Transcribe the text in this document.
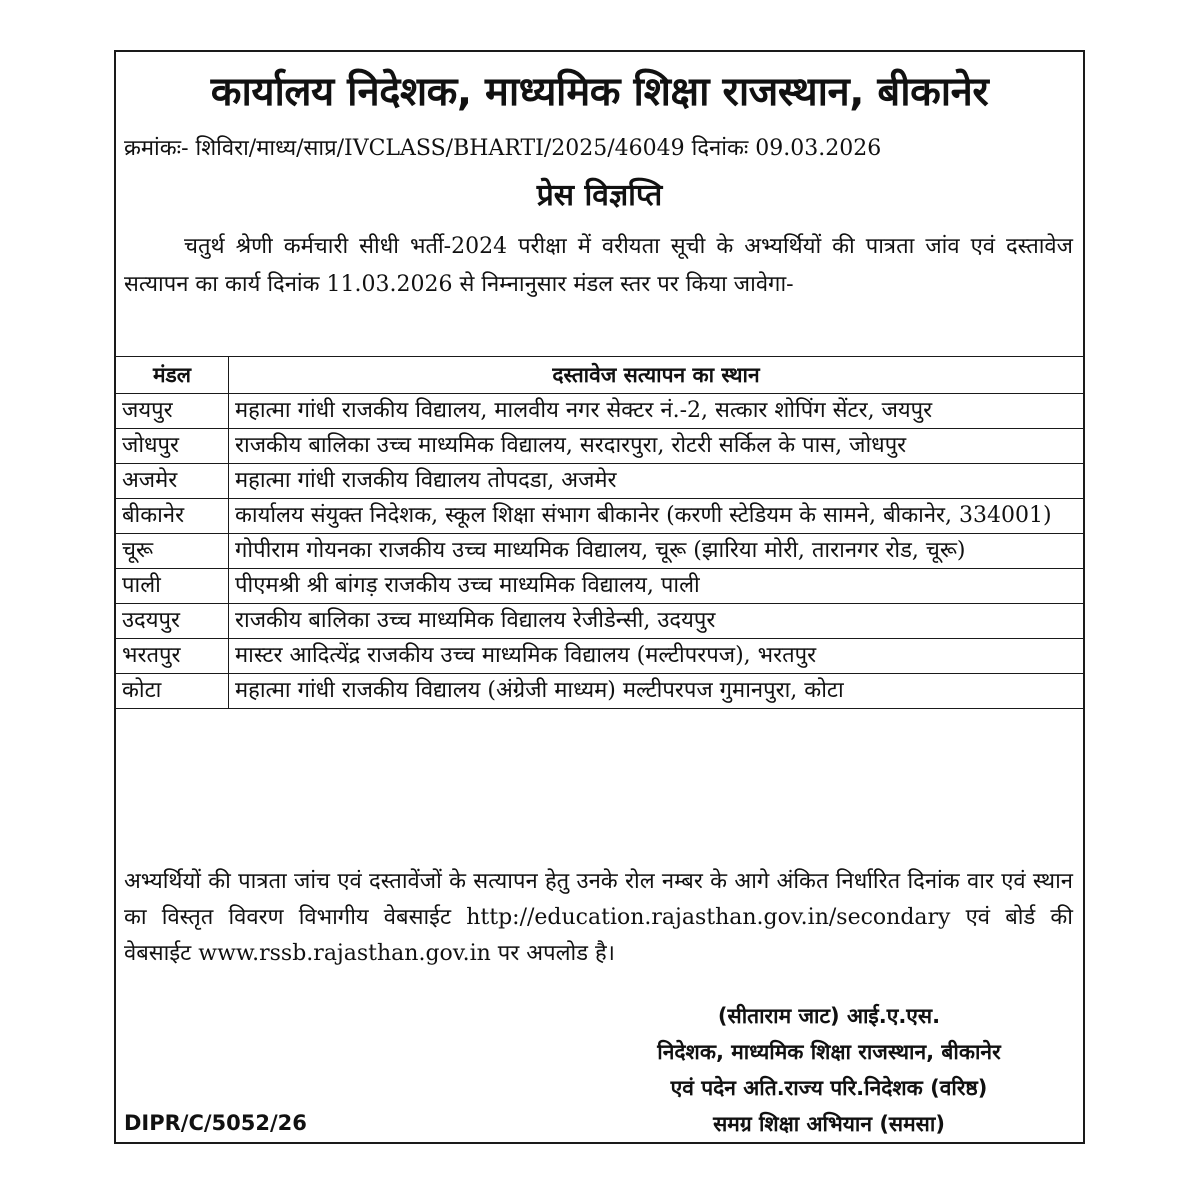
कार्यालय निदेशक, माध्यमिक शिक्षा राजस्थान, बीकानेर
क्रमांकः- शिविरा/माध्य/साप्र/IVCLASS/BHARTI/2025/46049 दिनांकः 09.03.2026
प्रेस विज्ञप्ति

चतुर्थ श्रेणी कर्मचारी सीधी भर्ती-2024 परीक्षा में वरीयता सूची के अभ्यर्थियों की पात्रता जांव एवं दस्तावेज सत्यापन का कार्य दिनांक 11.03.2026 से निम्नानुसार मंडल स्तर पर किया जावेगा-

मंडल	दस्तावेज सत्यापन का स्थान
जयपुर	महात्मा गांधी राजकीय विद्यालय, मालवीय नगर सेक्टर नं.-2, सत्कार शोपिंग सेंटर, जयपुर
जोधपुर	राजकीय बालिका उच्च माध्यमिक विद्यालय, सरदारपुरा, रोटरी सर्किल के पास, जोधपुर
अजमेर	महात्मा गांधी राजकीय विद्यालय तोपदडा, अजमेर
बीकानेर	कार्यालय संयुक्त निदेशक, स्कूल शिक्षा संभाग बीकानेर (करणी स्टेडियम के सामने, बीकानेर, 334001)
चूरू	गोपीराम गोयनका राजकीय उच्च माध्यमिक विद्यालय, चूरू (झारिया मोरी, तारानगर रोड, चूरू)
पाली	पीएमश्री श्री बांगड़ राजकीय उच्च माध्यमिक विद्यालय, पाली
उदयपुर	राजकीय बालिका उच्च माध्यमिक विद्यालय रेजीडेन्सी, उदयपुर
भरतपुर	मास्टर आदित्येंद्र राजकीय उच्च माध्यमिक विद्यालय (मल्टीपरपज), भरतपुर
कोटा	महात्मा गांधी राजकीय विद्यालय (अंग्रेजी माध्यम) मल्टीपरपज गुमानपुरा, कोटा

अभ्यर्थियों की पात्रता जांच एवं दस्तावेंजों के सत्यापन हेतु उनके रोल नम्बर के आगे अंकित निर्धारित दिनांक वार एवं स्थान का विस्तृत विवरण विभागीय वेबसाईट http://education.rajasthan.gov.in/secondary एवं बोर्ड की वेबसाईट www.rssb.rajasthan.gov.in पर अपलोड है।

(सीताराम जाट) आई.ए.एस.
निदेशक, माध्यमिक शिक्षा राजस्थान, बीकानेर
एवं पदेन अति.राज्य परि.निदेशक (वरिष्ठ)
समग्र शिक्षा अभियान (समसा)
DIPR/C/5052/26
